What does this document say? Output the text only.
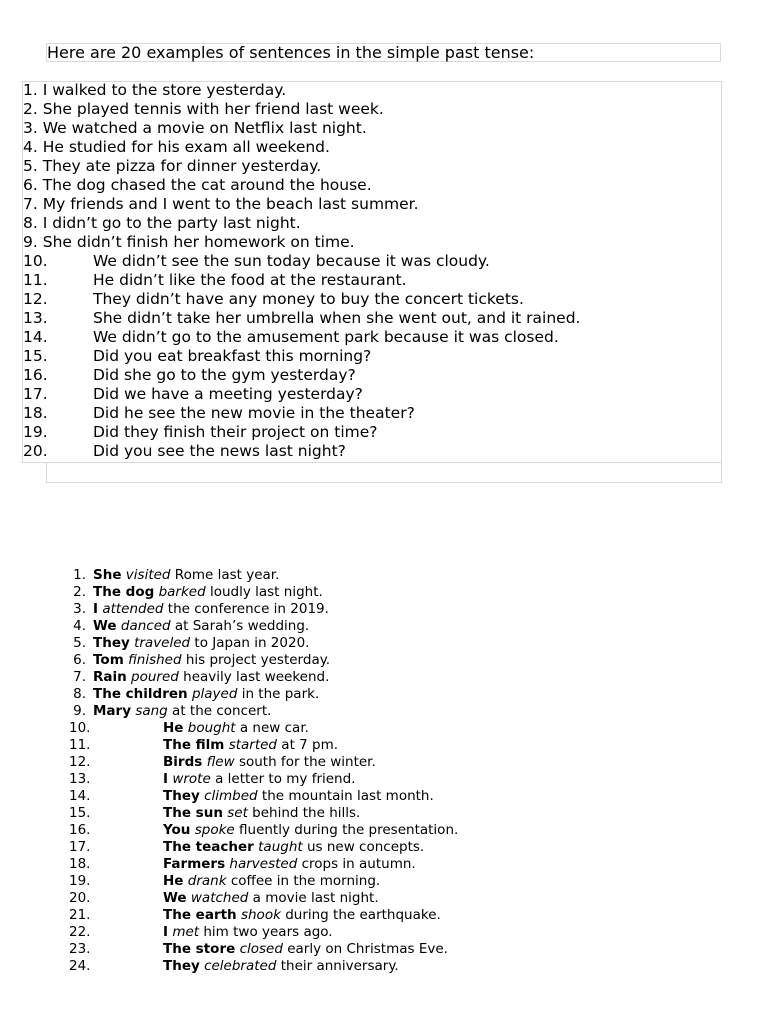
Here are 20 examples of sentences in the simple past tense:
1. I walked to the store yesterday.
2. She played tennis with her friend last week.
3. We watched a movie on Netflix last night.
4. He studied for his exam all weekend.
5. They ate pizza for dinner yesterday.
6. The dog chased the cat around the house.
7. My friends and I went to the beach last summer.
8. I didn’t go to the party last night.
9. She didn’t finish her homework on time.
10.	We didn’t see the sun today because it was cloudy.
11.	He didn’t like the food at the restaurant.
12.	They didn’t have any money to buy the concert tickets.
13.	She didn’t take her umbrella when she went out, and it rained.
14.	We didn’t go to the amusement park because it was closed.
15.	Did you eat breakfast this morning?
16.	Did she go to the gym yesterday?
17.	Did we have a meeting yesterday?
18.	Did he see the new movie in the theater?
19.	Did they finish their project on time?
20.	Did you see the news last night?
1. She visited Rome last year.
2. The dog barked loudly last night.
3. I attended the conference in 2019.
4. We danced at Sarah’s wedding.
5. They traveled to Japan in 2020.
6. Tom finished his project yesterday.
7. Rain poured heavily last weekend.
8. The children played in the park.
9. Mary sang at the concert.
10.	He bought a new car.
11.	The film started at 7 pm.
12.	Birds flew south for the winter.
13.	I wrote a letter to my friend.
14.	They climbed the mountain last month.
15.	The sun set behind the hills.
16.	You spoke fluently during the presentation.
17.	The teacher taught us new concepts.
18.	Farmers harvested crops in autumn.
19.	He drank coffee in the morning.
20.	We watched a movie last night.
21.	The earth shook during the earthquake.
22.	I met him two years ago.
23.	The store closed early on Christmas Eve.
24.	They celebrated their anniversary.
